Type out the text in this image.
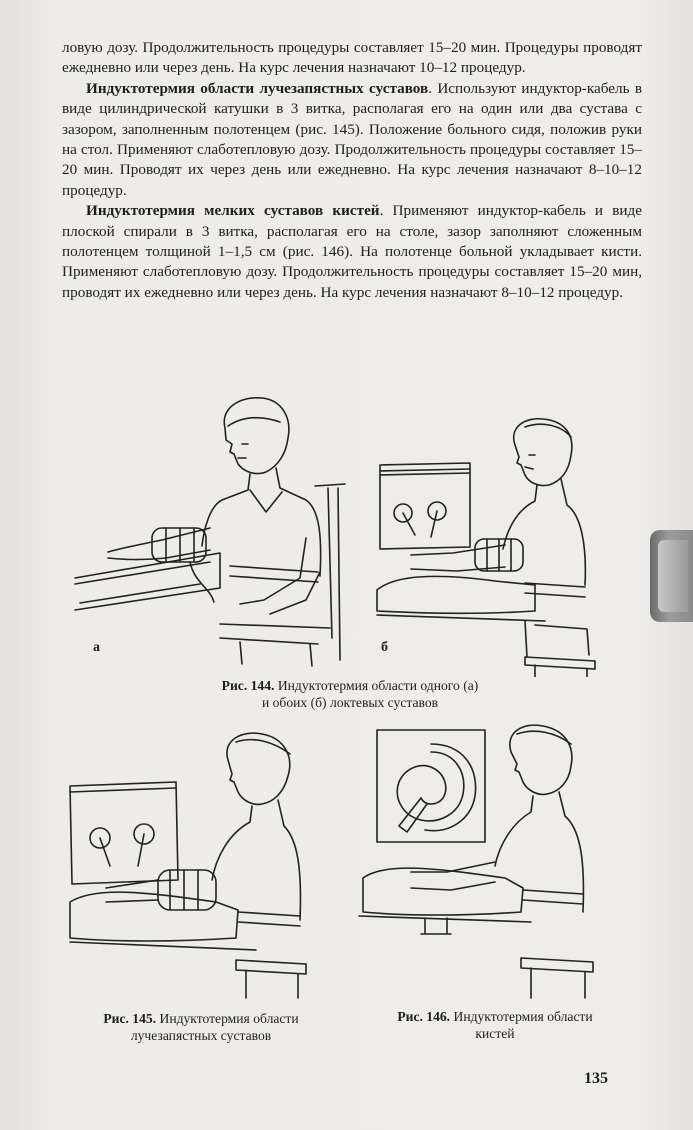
ловую дозу. Продолжительность процедуры составляет 15–20 мин. Процедуры проводят ежедневно или через день. На курс лечения назначают 10–12 процедур.

Индуктотермия области лучезапястных суставов. Используют индуктор-кабель в виде цилиндрической катушки в 3 витка, располагая его на один или два сустава с зазором, заполненным полотенцем (рис. 145). Положение больного сидя, положив руки на стол. Применяют слаботепловую дозу. Продолжительность процедуры составляет 15–20 мин. Проводят их через день или ежедневно. На курс лечения назначают 8–10–12 процедур.

Индуктотермия мелких суставов кистей. Применяют индуктор-кабель и виде плоской спирали в 3 витка, располагая его на столе, зазор заполняют сложенным полотенцем толщиной 1–1,5 см (рис. 146). На полотенце больной укладывает кисти. Применяют слаботепловую дозу. Продолжительность процедуры составляет 15–20 мин, проводят их ежедневно или через день. На курс лечения назначают 8–10–12 процедур.

а	б
Рис. 144. Индуктотермия области одного (а)
и обоих (б) локтевых суставов
Рис. 145. Индуктотермия области
лучезапястных суставов
Рис. 146. Индуктотермия области
кистей
135
